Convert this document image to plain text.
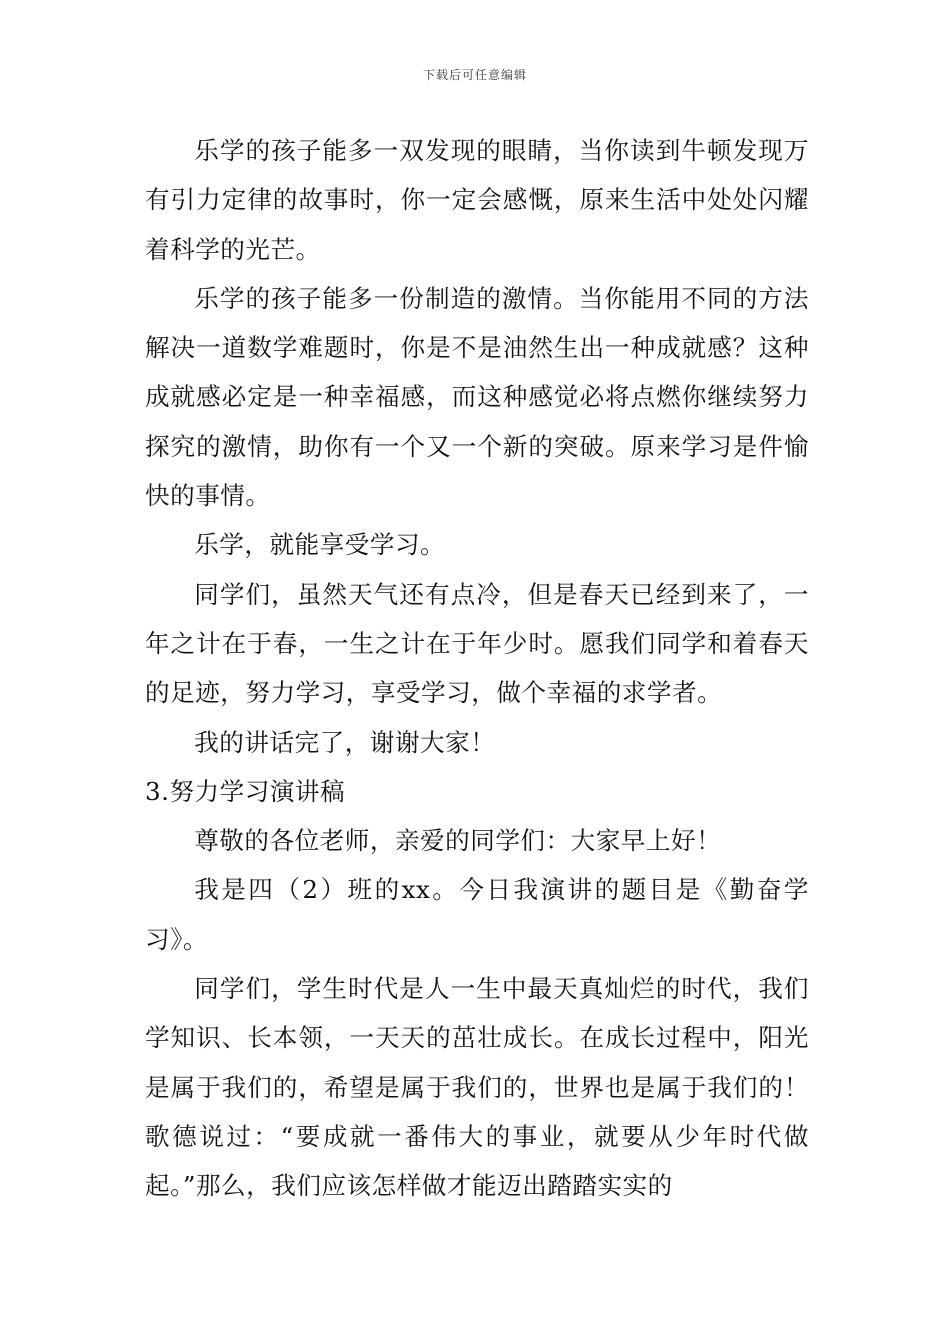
下载后可任意编辑

乐学的孩子能多一双发现的眼睛，当你读到牛顿发现万有引力定律的故事时，你一定会感慨，原来生活中处处闪耀着科学的光芒。

乐学的孩子能多一份制造的激情。当你能用不同的方法解决一道数学难题时，你是不是油然生出一种成就感？这种成就感必定是一种幸福感，而这种感觉必将点燃你继续努力探究的激情，助你有一个又一个新的突破。原来学习是件愉快的事情。

乐学，就能享受学习。

同学们，虽然天气还有点冷，但是春天已经到来了，一年之计在于春，一生之计在于年少时。愿我们同学和着春天的足迹，努力学习，享受学习，做个幸福的求学者。

我的讲话完了，谢谢大家！

3.努力学习演讲稿

尊敬的各位老师，亲爱的同学们：大家早上好！

我是四（2）班的xx。今日我演讲的题目是《勤奋学习》。

同学们，学生时代是人一生中最天真灿烂的时代，我们学知识、长本领，一天天的茁壮成长。在成长过程中，阳光是属于我们的，希望是属于我们的，世界也是属于我们的！歌德说过：“要成就一番伟大的事业，就要从少年时代做起。”那么，我们应该怎样做才能迈出踏踏实实的
